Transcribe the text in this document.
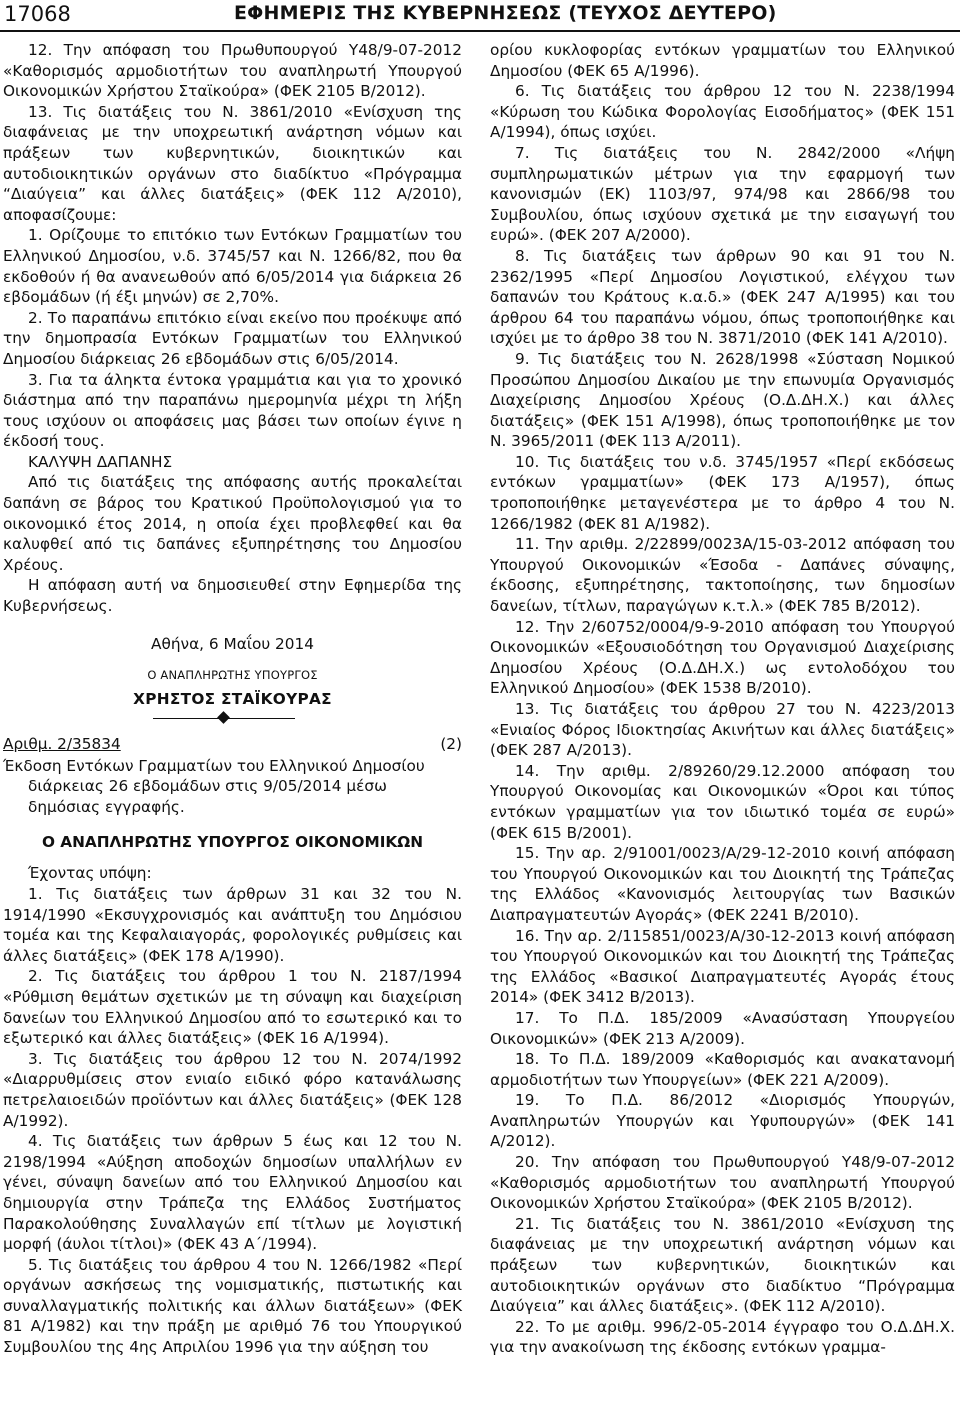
17068	ΕΦΗΜΕΡΙΣ ΤΗΣ ΚΥΒΕΡΝΗΣΕΩΣ (ΤΕΥΧΟΣ ΔΕΥΤΕΡΟ)

12. Την απόφαση του Πρωθυπουργού Υ48/9-07-2012 «Καθορισμός αρμοδιοτήτων του αναπληρωτή Υπουργού Οικονομικών Χρήστου Σταϊκούρα» (ΦΕΚ 2105 Β/2012).

13. Τις διατάξεις του Ν. 3861/2010 «Ενίσχυση της διαφάνειας με την υποχρεωτική ανάρτηση νόμων και πράξεων των κυβερνητικών, διοικητικών και αυτοδιοικητικών οργάνων στο διαδίκτυο «Πρόγραμμα “Διαύγεια” και άλλες διατάξεις» (ΦΕΚ 112 Α/2010), αποφασίζουμε:

1. Ορίζουμε το επιτόκιο των Εντόκων Γραμματίων του Ελληνικού Δημοσίου, ν.δ. 3745/57 και Ν. 1266/82, που θα εκδοθούν ή θα ανανεωθούν από 6/05/2014 για διάρκεια 26 εβδομάδων (ή έξι μηνών) σε 2,70%.

2. Το παραπάνω επιτόκιο είναι εκείνο που προέκυψε από την δημοπρασία Εντόκων Γραμματίων του Ελληνικού Δημοσίου διάρκειας 26 εβδομάδων στις 6/05/2014.

3. Για τα άληκτα έντοκα γραμμάτια και για το χρονικό διάστημα από την παραπάνω ημερομηνία μέχρι τη λήξη τους ισχύουν οι αποφάσεις μας βάσει των οποίων έγινε η έκδοσή τους.

ΚΑΛΥΨΗ ΔΑΠΑΝΗΣ

Από τις διατάξεις της απόφασης αυτής προκαλείται δαπάνη σε βάρος του Κρατικού Προϋπολογισμού για το οικονομικό έτος 2014, η οποία έχει προβλεφθεί και θα καλυφθεί από τις δαπάνες εξυπηρέτησης του Δημοσίου Χρέους.

Η απόφαση αυτή να δημοσιευθεί στην Εφημερίδα της Κυβερνήσεως.

Αθήνα, 6 Μαΐου 2014
Ο ΑΝΑΠΛΗΡΩΤΗΣ ΥΠΟΥΡΓΟΣ
ΧΡΗΣΤΟΣ ΣΤΑΪΚΟΥΡΑΣ
Αριθμ. 2/35834	(2)
Έκδοση Εντόκων Γραμματίων του Ελληνικού Δημοσίου
διάρκειας 26 εβδομάδων στις 9/05/2014 μέσω δημόσιας εγγραφής.
Ο ΑΝΑΠΛΗΡΩΤΗΣ ΥΠΟΥΡΓΟΣ ΟΙΚΟΝΟΜΙΚΩΝ
Έχοντας υπόψη:

1. Τις διατάξεις των άρθρων 31 και 32 του Ν. 1914/1990 «Εκσυγχρονισμός και ανάπτυξη του Δημόσιου τομέα και της Κεφαλαιαγοράς, φορολογικές ρυθμίσεις και άλλες διατάξεις» (ΦΕΚ 178 Α/1990).

2. Τις διατάξεις του άρθρου 1 του Ν. 2187/1994 «Ρύθμιση θεμάτων σχετικών με τη σύναψη και διαχείριση δανείων του Ελληνικού Δημοσίου από το εσωτερικό και το εξωτερικό και άλλες διατάξεις» (ΦΕΚ 16 Α/1994).

3. Τις διατάξεις του άρθρου 12 του Ν. 2074/1992 «Διαρρυθμίσεις στον ενιαίο ειδικό φόρο κατανάλωσης πετρελαιοειδών προϊόντων και άλλες διατάξεις» (ΦΕΚ 128 Α/1992).

4. Τις διατάξεις των άρθρων 5 έως και 12 του Ν. 2198/1994 «Αύξηση αποδοχών δημοσίων υπαλλήλων εν γένει, σύναψη δανείων από του Ελληνικού Δημοσίου και δημιουργία στην Τράπεζα της Ελλάδος Συστήματος Παρακολούθησης Συναλλαγών επί τίτλων με λογιστική μορφή (άυλοι τίτλοι)» (ΦΕΚ 43 Α΄/1994).

5. Τις διατάξεις του άρθρου 4 του Ν. 1266/1982 «Περί οργάνων ασκήσεως της νομισματικής, πιστωτικής και συναλλαγματικής πολιτικής και άλλων διατάξεων» (ΦΕΚ 81 Α/1982) και την πράξη με αριθμό 76 του Υπουργικού Συμβουλίου της 4ης Απριλίου 1996 για την αύξηση του

ορίου κυκλοφορίας εντόκων γραμματίων του Ελληνικού Δημοσίου (ΦΕΚ 65 Α/1996).

6. Τις διατάξεις του άρθρου 12 του Ν. 2238/1994 «Κύρωση του Κώδικα Φορολογίας Εισοδήματος» (ΦΕΚ 151 Α/1994), όπως ισχύει.

7. Τις διατάξεις του Ν. 2842/2000 «Λήψη συμπληρωματικών μέτρων για την εφαρμογή των κανονισμών (ΕΚ) 1103/97, 974/98 και 2866/98 του Συμβουλίου, όπως ισχύουν σχετικά με την εισαγωγή του ευρώ». (ΦΕΚ 207 Α/2000).

8. Τις διατάξεις των άρθρων 90 και 91 του Ν. 2362/1995 «Περί Δημοσίου Λογιστικού, ελέγχου των δαπανών του Κράτους κ.α.δ.» (ΦΕΚ 247 Α/1995) και του άρθρου 64 του παραπάνω νόμου, όπως τροποποιήθηκε και ισχύει με το άρθρο 38 του Ν. 3871/2010 (ΦΕΚ 141 Α/2010).

9. Τις διατάξεις του Ν. 2628/1998 «Σύσταση Νομικού Προσώπου Δημοσίου Δικαίου με την επωνυμία Οργανισμός Διαχείρισης Δημοσίου Χρέους (Ο.Δ.ΔΗ.Χ.) και άλλες διατάξεις» (ΦΕΚ 151 Α/1998), όπως τροποποιήθηκε με τον Ν. 3965/2011 (ΦΕΚ 113 Α/2011).

10. Τις διατάξεις του ν.δ. 3745/1957 «Περί εκδόσεως εντόκων γραμματίων» (ΦΕΚ 173 Α/1957), όπως τροποποιήθηκε μεταγενέστερα με το άρθρο 4 του Ν. 1266/1982 (ΦΕΚ 81 Α/1982).

11. Την αριθμ. 2/22899/0023Α/15-03-2012 απόφαση του Υπουργού Οικονομικών «Έσοδα - Δαπάνες σύναψης, έκδοσης, εξυπηρέτησης, τακτοποίησης, των δημοσίων δανείων, τίτλων, παραγώγων κ.τ.λ.» (ΦΕΚ 785 Β/2012).

12. Την 2/60752/0004/9-9-2010 απόφαση του Υπουργού Οικονομικών «Εξουσιοδότηση του Οργανισμού Διαχείρισης Δημοσίου Χρέους (Ο.Δ.ΔΗ.Χ.) ως εντολοδόχου του Ελληνικού Δημοσίου» (ΦΕΚ 1538 Β/2010).

13. Τις διατάξεις του άρθρου 27 του Ν. 4223/2013 «Ενιαίος Φόρος Ιδιοκτησίας Ακινήτων και άλλες διατάξεις» (ΦΕΚ 287 Α/2013).

14. Την αριθμ. 2/89260/29.12.2000 απόφαση του Υπουργού Οικονομίας και Οικονομικών «Όροι και τύπος εντόκων γραμματίων για τον ιδιωτικό τομέα σε ευρώ» (ΦΕΚ 615 Β/2001).

15. Την αρ. 2/91001/0023/Α/29-12-2010 κοινή απόφαση του Υπουργού Οικονομικών και του Διοικητή της Τράπεζας της Ελλάδος «Κανονισμός λειτουργίας των Βασικών Διαπραγματευτών Αγοράς» (ΦΕΚ 2241 Β/2010).

16. Την αρ. 2/115851/0023/Α/30-12-2013 κοινή απόφαση του Υπουργού Οικονομικών και του Διοικητή της Τράπεζας της Ελλάδος «Βασικοί Διαπραγματευτές Αγοράς έτους 2014» (ΦΕΚ 3412 Β/2013).

17. Το Π.Δ. 185/2009 «Ανασύσταση Υπουργείου Οικονομικών» (ΦΕΚ 213 Α/2009).

18. Το Π.Δ. 189/2009 «Καθορισμός και ανακατανομή αρμοδιοτήτων των Υπουργείων» (ΦΕΚ 221 Α/2009).

19. Το Π.Δ. 86/2012 «Διορισμός Υπουργών, Αναπληρωτών Υπουργών και Υφυπουργών» (ΦΕΚ 141 Α/2012).

20. Την απόφαση του Πρωθυπουργού Υ48/9-07-2012 «Καθορισμός αρμοδιοτήτων του αναπληρωτή Υπουργού Οικονομικών Χρήστου Σταϊκούρα» (ΦΕΚ 2105 Β/2012).

21. Τις διατάξεις του Ν. 3861/2010 «Ενίσχυση της διαφάνειας με την υποχρεωτική ανάρτηση νόμων και πράξεων των κυβερνητικών, διοικητικών και αυτοδιοικητικών οργάνων στο διαδίκτυο “Πρόγραμμα Διαύγεια” και άλλες διατάξεις». (ΦΕΚ 112 Α/2010).

22. Το με αριθμ. 996/2-05-2014 έγγραφο του Ο.Δ.ΔΗ.Χ. για την ανακοίνωση της έκδοσης εντόκων γραμμα-
